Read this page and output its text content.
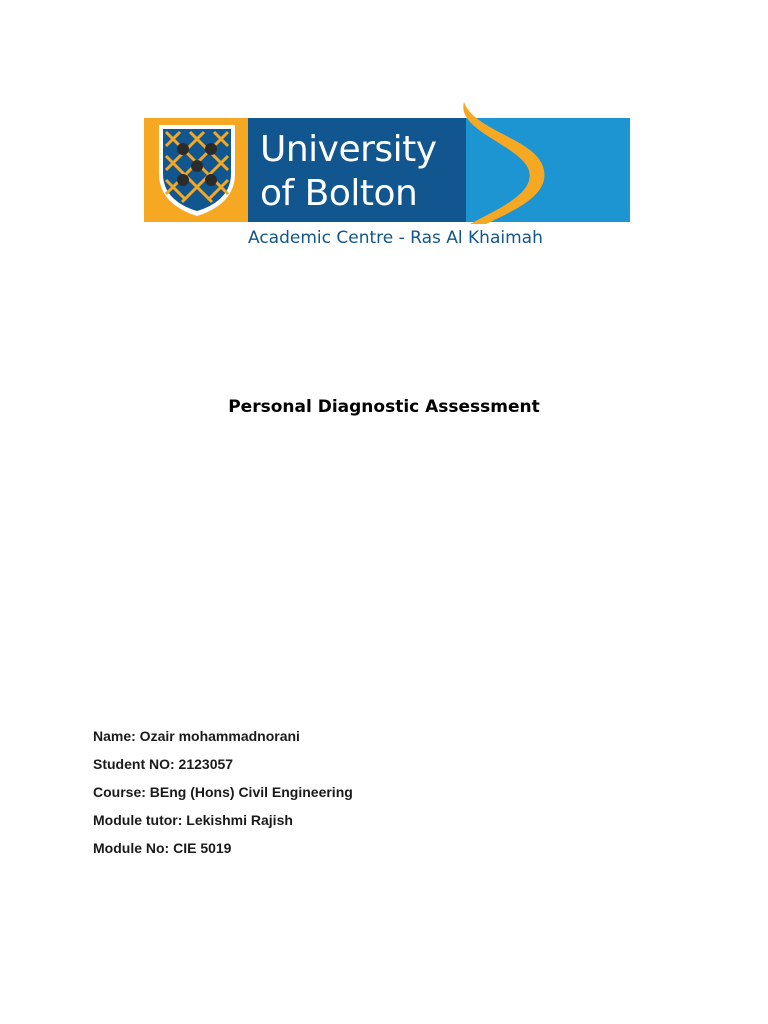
University
of Bolton
Academic Centre - Ras Al Khaimah
Personal Diagnostic Assessment
Name: Ozair mohammadnorani
Student NO: 2123057
Course: BEng (Hons) Civil Engineering
Module tutor: Lekishmi Rajish
Module No: CIE 5019
